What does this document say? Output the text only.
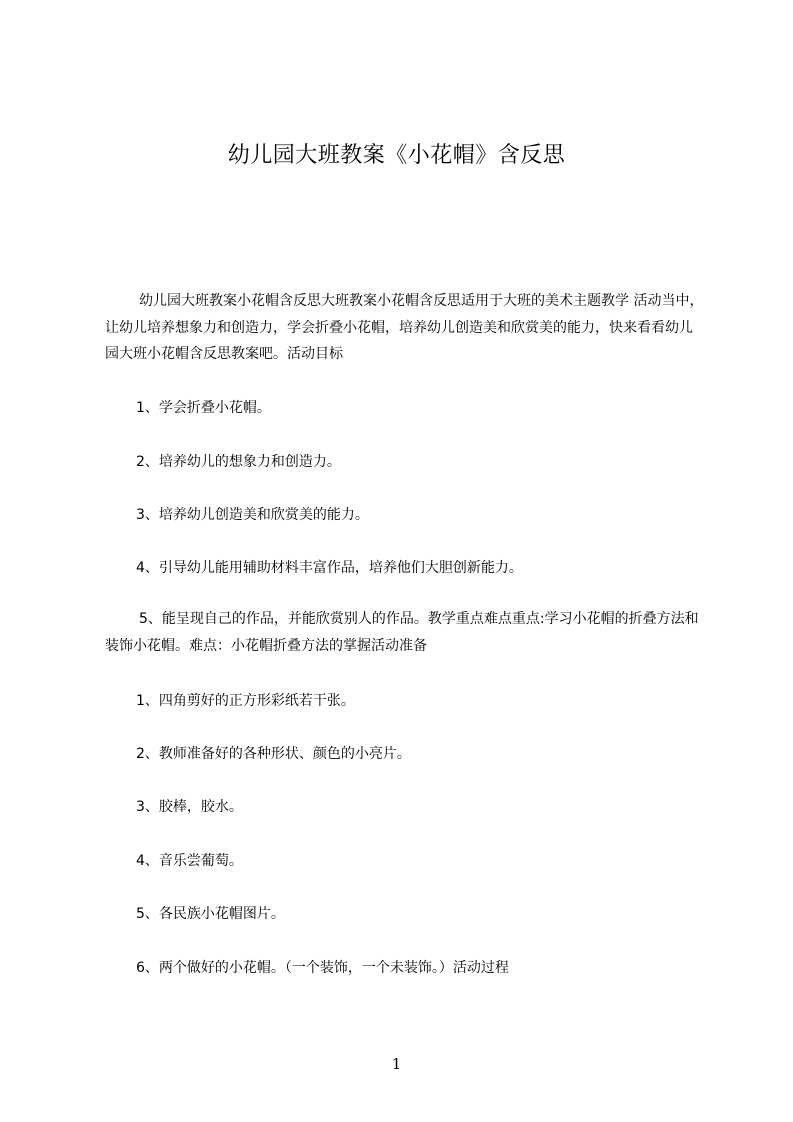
幼儿园大班教案《小花帽》含反思

幼儿园大班教案小花帽含反思大班教案小花帽含反思适用于大班的美术主题教学 活动当中，让幼儿培养想象力和创造力，学会折叠小花帽，培养幼儿创造美和欣赏美的能力，快来看看幼儿园大班小花帽含反思教案吧。活动目标

1、学会折叠小花帽。
2、培养幼儿的想象力和创造力。
3、培养幼儿创造美和欣赏美的能力。
4、引导幼儿能用辅助材料丰富作品，培养他们大胆创新能力。

5、能呈现自己的作品，并能欣赏别人的作品。教学重点难点重点:学习小花帽的折叠方法和装饰小花帽。难点：小花帽折叠方法的掌握活动准备

1、四角剪好的正方形彩纸若干张。
2、教师准备好的各种形状、颜色的小亮片。
3、胶棒，胶水。
4、音乐尝葡萄。
5、各民族小花帽图片。
6、两个做好的小花帽。（一个装饰，一个未装饰。）活动过程
1
